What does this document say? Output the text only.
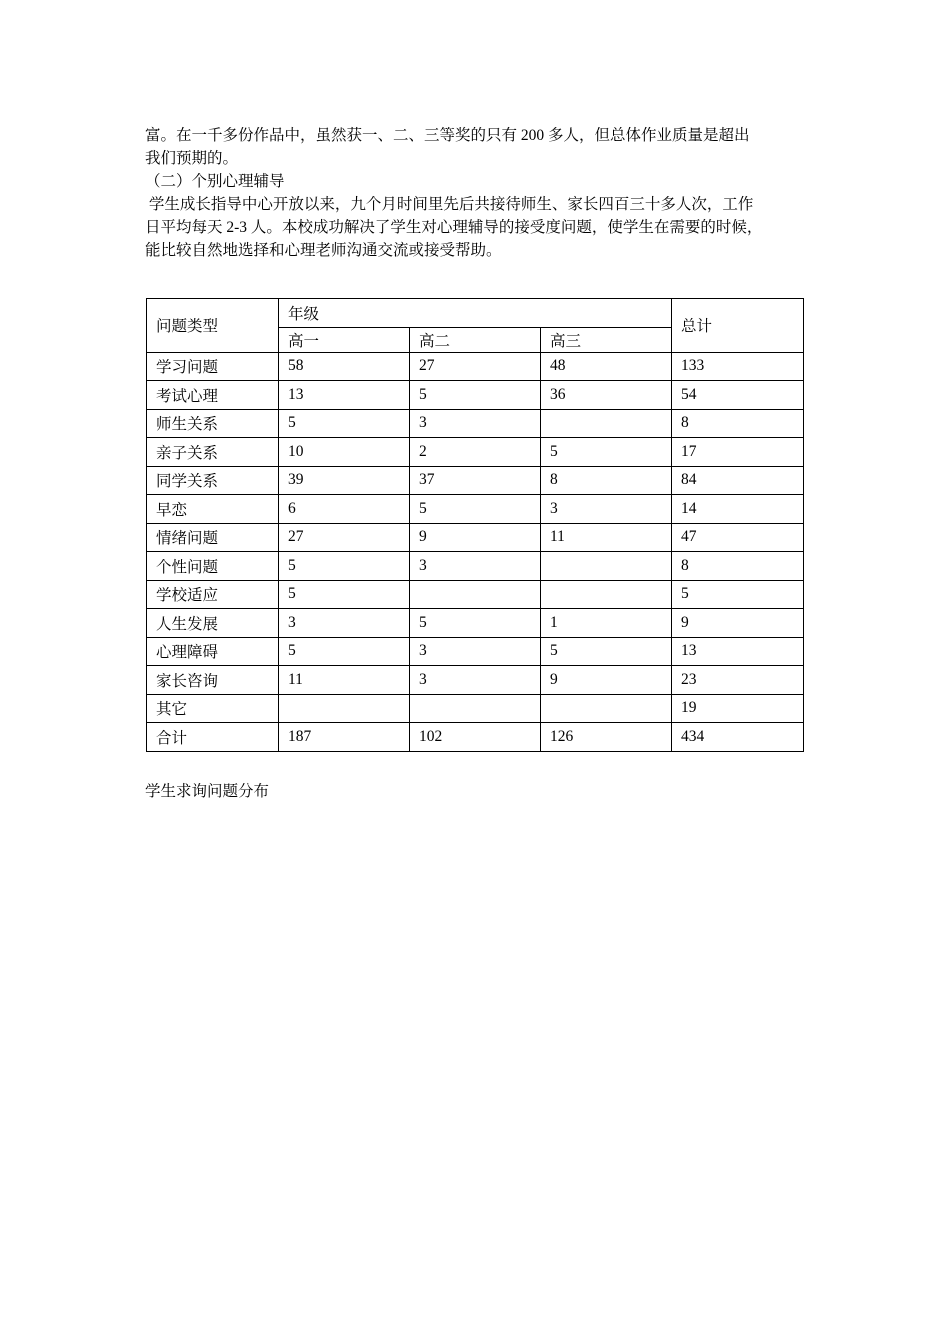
富。在一千多份作品中，虽然获一、二、三等奖的只有 200 多人，但总体作业质量是超出

我们预期的。

（二）个别心理辅导

学生成长指导中心开放以来，九个月时间里先后共接待师生、家长四百三十多人次，工作

日平均每天 2-3 人。本校成功解决了学生对心理辅导的接受度问题，使学生在需要的时候，

能比较自然地选择和心理老师沟通交流或接受帮助。

问题类型	年级			总计
	高一	高二	高三	
学习问题	58	27	48	133
考试心理	13	5	36	54
师生关系	5	3		8
亲子关系	10	2	5	17
同学关系	39	37	8	84
早恋	6	5	3	14
情绪问题	27	9	11	47
个性问题	5	3		8
学校适应	5			5
人生发展	3	5	1	9
心理障碍	5	3	5	13
家长咨询	11	3	9	23
其它				19
合计	187	102	126	434
学生求询问题分布
